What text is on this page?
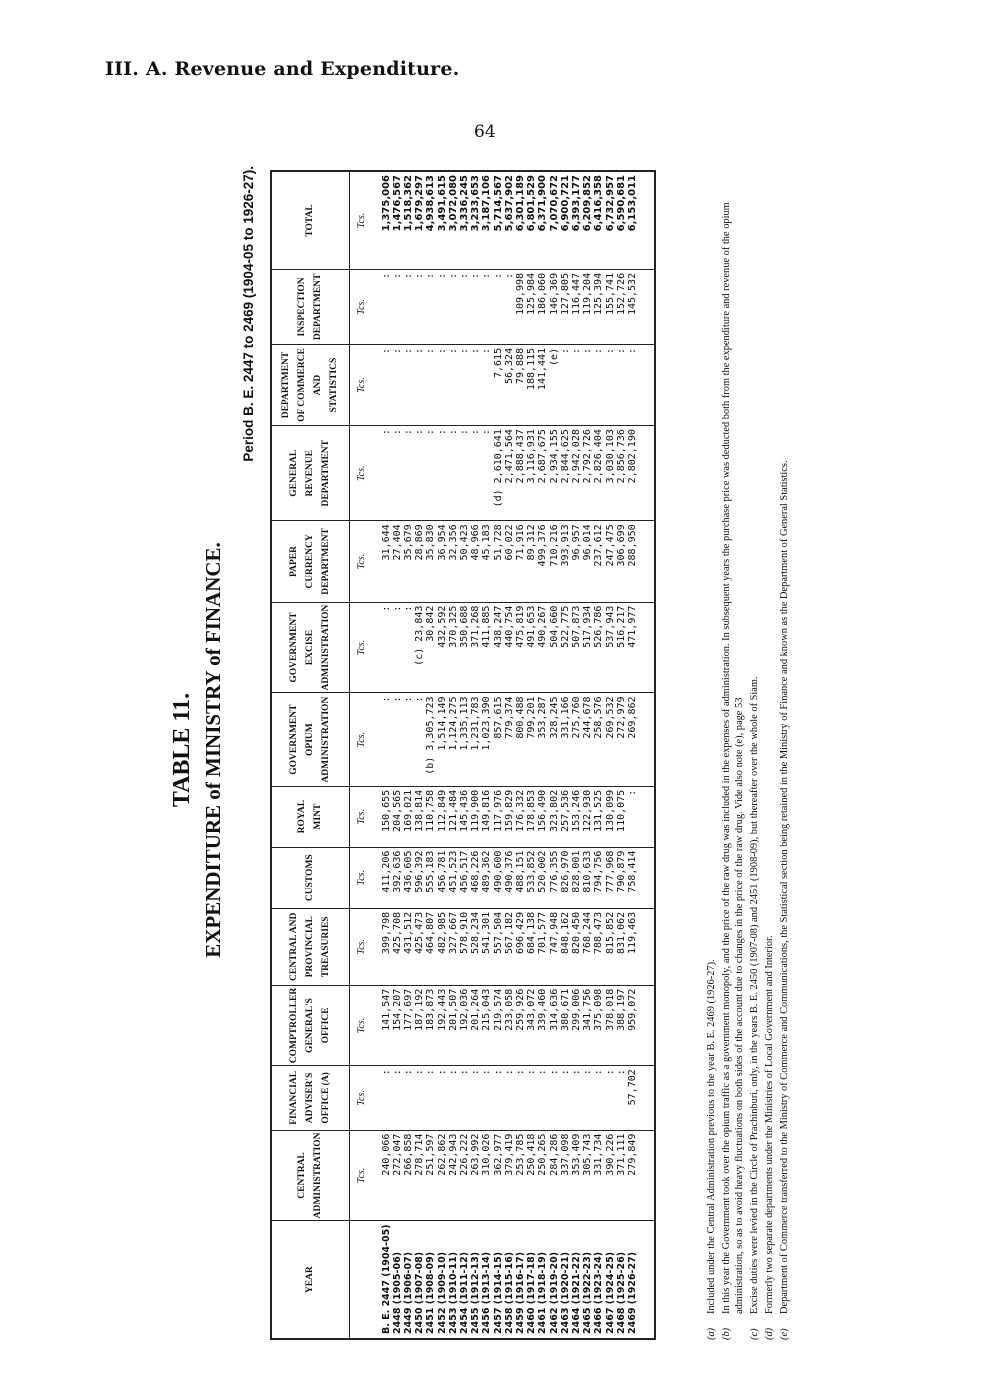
III. A. Revenue and Expenditure.
64
TABLE 11. EXPENDITURE of MINISTRY of FINANCE.
Period B. E. 2447 to 2469 (1904-05 to 1926-27).
YEAR	CENTRAL ADMINISTRATION	FINANCIAL ADVISER'S OFFICE (A)	COMPTROLLER GENERAL'S OFFICE	CENTRAL AND PROVINCIAL TREASURIES	CUSTOMS	ROYAL MINT	GOVERNMENT OPIUM ADMINISTRATION	GOVERNMENT EXCISE ADMINISTRATION	PAPER CURRENCY DEPARTMENT	GENERAL REVENUE DEPARTMENT	DEPARTMENT OF COMMERCE AND STATISTICS	INSPECTION DEPARTMENT	TOTAL
	Tcs.	Tcs.	Tcs.	Tcs.	Tcs.	Tcs.	Tcs.	Tcs.	Tcs.	Tcs.	Tcs.	Tcs.	Tcs.
B. E. 2447 (1904-05)	240,066	:	141,547	399,798	411,206	150,655	:	:	31,644	:	:	:	1,375,006
2448 (1905-06)	272,047	:	154,207	425,708	392,636	204,565	:	:	27,404	:	:	:	1,476,567
2449 (1906-07)	266,858	:	177,697	431,512	436,605	169,021	:	:	35,679	:	:	:	1,518,362
2450 (1907-08)	278,714	:	187,192	425,473	596,392	138,814	:	(c) 23,843	28,869	:	:	:	1,679,297
2451 (1908-09)	251,597	:	183,873	464,807	555,183	110,758	(b) 3,305,723	30,842	35,830	:	:	:	4,938,613
2452 (1909-10)	262,862	:	192,443	482,985	456,781	112,849	1,514,149	432,592	36,954	:	:	:	3,491,615
2453 (1910-11)	242,943	:	201,507	327,667	451,523	121,484	1,124,275	370,325	32,356	:	:	:	3,072,080
2454 (1911-12)	226,222	:	192,036	578,910	456,517	145,436	1,335,113	350,688	50,423	:	:	:	3,336,245
2455 (1912-13)	263,992	:	201,264	528,234	468,226	119,900	1,231,783	371,268	48,966	:	:	:	3,233,653
2456 (1913-14)	310,026	:	215,043	541,301	489,362	149,816	1,023,390	411,885	45,183	:	:	:	3,187,106
2457 (1914-15)	362,977	:	219,574	557,504	490,600	117,976	857,615	438,247	51,728	(d) 2,610,641	7,615	:	5,714,567
2458 (1915-16)	379,419	:	233,058	567,182	490,376	159,829	779,374	440,754	60,022	2,471,564	56,324	:	5,637,902
2459 (1916-17)	253,785	:	259,926	696,429	488,151	176,332	800,488	475,819	71,916	2,888,437	79,888	109,998	6,301,189
2460 (1917-18)	250,418	:	343,072	684,138	533,852	178,853	799,201	491,653	89,312	3,116,931	188,115	125,984	6,801,529
2461 (1918-19)	250,265	:	339,460	701,577	520,002	156,490	353,287	490,267	499,376	2,687,675	141,441	186,060	6,371,900
2462 (1919-20)	284,286	:	314,636	747,948	776,355	323,802	328,245	504,660	710,216	2,934,155	(e)	146,369	7,070,672
2463 (1920-21)	337,098	:	380,671	848,162	826,970	257,536	331,166	522,775	393,913	2,844,625	:	127,805	6,900,721
2464 (1921-22)	353,409	:	299,006	820,450	828,001	153,246	275,760	507,873	96,957	2,942,028	:	116,447	6,393,177
2465 (1922-23)	305,743	:	341,756	768,244	810,633	122,930	244,678	517,934	96,014	2,792,726	:	119,204	6,209,852
2466 (1923-24)	331,734	:	375,098	788,473	794,756	131,525	258,576	526,786	237,612	2,826,404	:	125,394	6,416,358
2467 (1924-25)	390,226	:	378,018	815,852	777,968	130,099	269,532	537,943	247,475	3,030,103	:	155,741	6,732,957
2468 (1925-26)	371,111	:	388,197	831,062	790,879	110,075	272,979	516,217	306,699	2,856,736	:	152,726	6,590,681
2469 (1926-27)	279,849	57,702	959,072	119,463	758,414	:	269,862	471,977	288,950	2,802,190	:	145,532	6,153,011

(a)
Included under the Central Administration previous to the year B. E. 2469 (1926-27).
(b)
In this year the Government took over the opium traffic as a government monopoly, and the price of the raw drug was included in the expenses of administration. In subsequent years the purchase price was deducted both from the expenditure and revenue of the opium administration, so as to avoid heavy fluctuations on both sides of the account due to changes in the price of the raw drug. Vide also note (e), page 53
(c)
Excise duties were levied in the Circle of Prachinburi, only, in the years B. E. 2450 (1907-08) and 2451 (1908-09), but thereafter over the whole of Siam.
(d)
Formerly two separate departments under the Ministries of Local Government and Interior.
(e)
Department of Commerce transferred to the Ministry of Commerce and Communications, the Statistical section being retained in the Ministry of Finance and known as the Department of General Statistics.
